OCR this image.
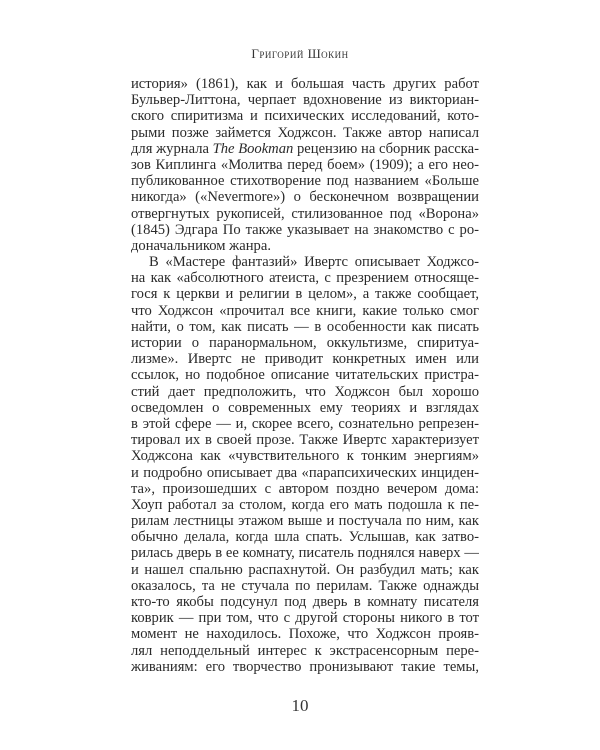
Григорий Шокин
история» (1861), как и большая часть других работ
Бульвер-Литтона, черпает вдохновение из викториан-
ского спиритизма и психических исследований, кото-
рыми позже займется Ходжсон. Также автор написал
для журнала The Bookman рецензию на сборник расска-
зов Киплинга «Молитва перед боем» (1909); а его нео-
публикованное стихотворение под названием «Больше
никогда» («Nevermore») о бесконечном возвращении
отвергнутых рукописей, стилизованное под «Ворона»
(1845) Эдгара По также указывает на знакомство с ро-
доначальником жанра.
В «Мастере фантазий» Ивертс описывает Ходжсо-
на как «абсолютного атеиста, с презрением относяще-
гося к церкви и религии в целом», а также сообщает,
что Ходжсон «прочитал все книги, какие только смог
найти, о том, как писать — в особенности как писать
истории о паранормальном, оккультизме, спиритуа-
лизме». Ивертс не приводит конкретных имен или
ссылок, но подобное описание читательских пристра-
стий дает предположить, что Ходжсон был хорошо
осведомлен о современных ему теориях и взглядах
в этой сфере — и, скорее всего, сознательно репрезен-
тировал их в своей прозе. Также Ивертс характеризует
Ходжсона как «чувствительного к тонким энергиям»
и подробно описывает два «парапсихических инциден-
та», произошедших с автором поздно вечером дома:
Хоуп работал за столом, когда его мать подошла к пе-
рилам лестницы этажом выше и постучала по ним, как
обычно делала, когда шла спать. Услышав, как затво-
рилась дверь в ее комнату, писатель поднялся наверх —
и нашел спальню распахнутой. Он разбудил мать; как
оказалось, та не стучала по перилам. Также однажды
кто-то якобы подсунул под дверь в комнату писателя
коврик — при том, что с другой стороны никого в тот
момент не находилось. Похоже, что Ходжсон прояв-
лял неподдельный интерес к экстрасенсорным пере-
живаниям: его творчество пронизывают такие темы,
10
